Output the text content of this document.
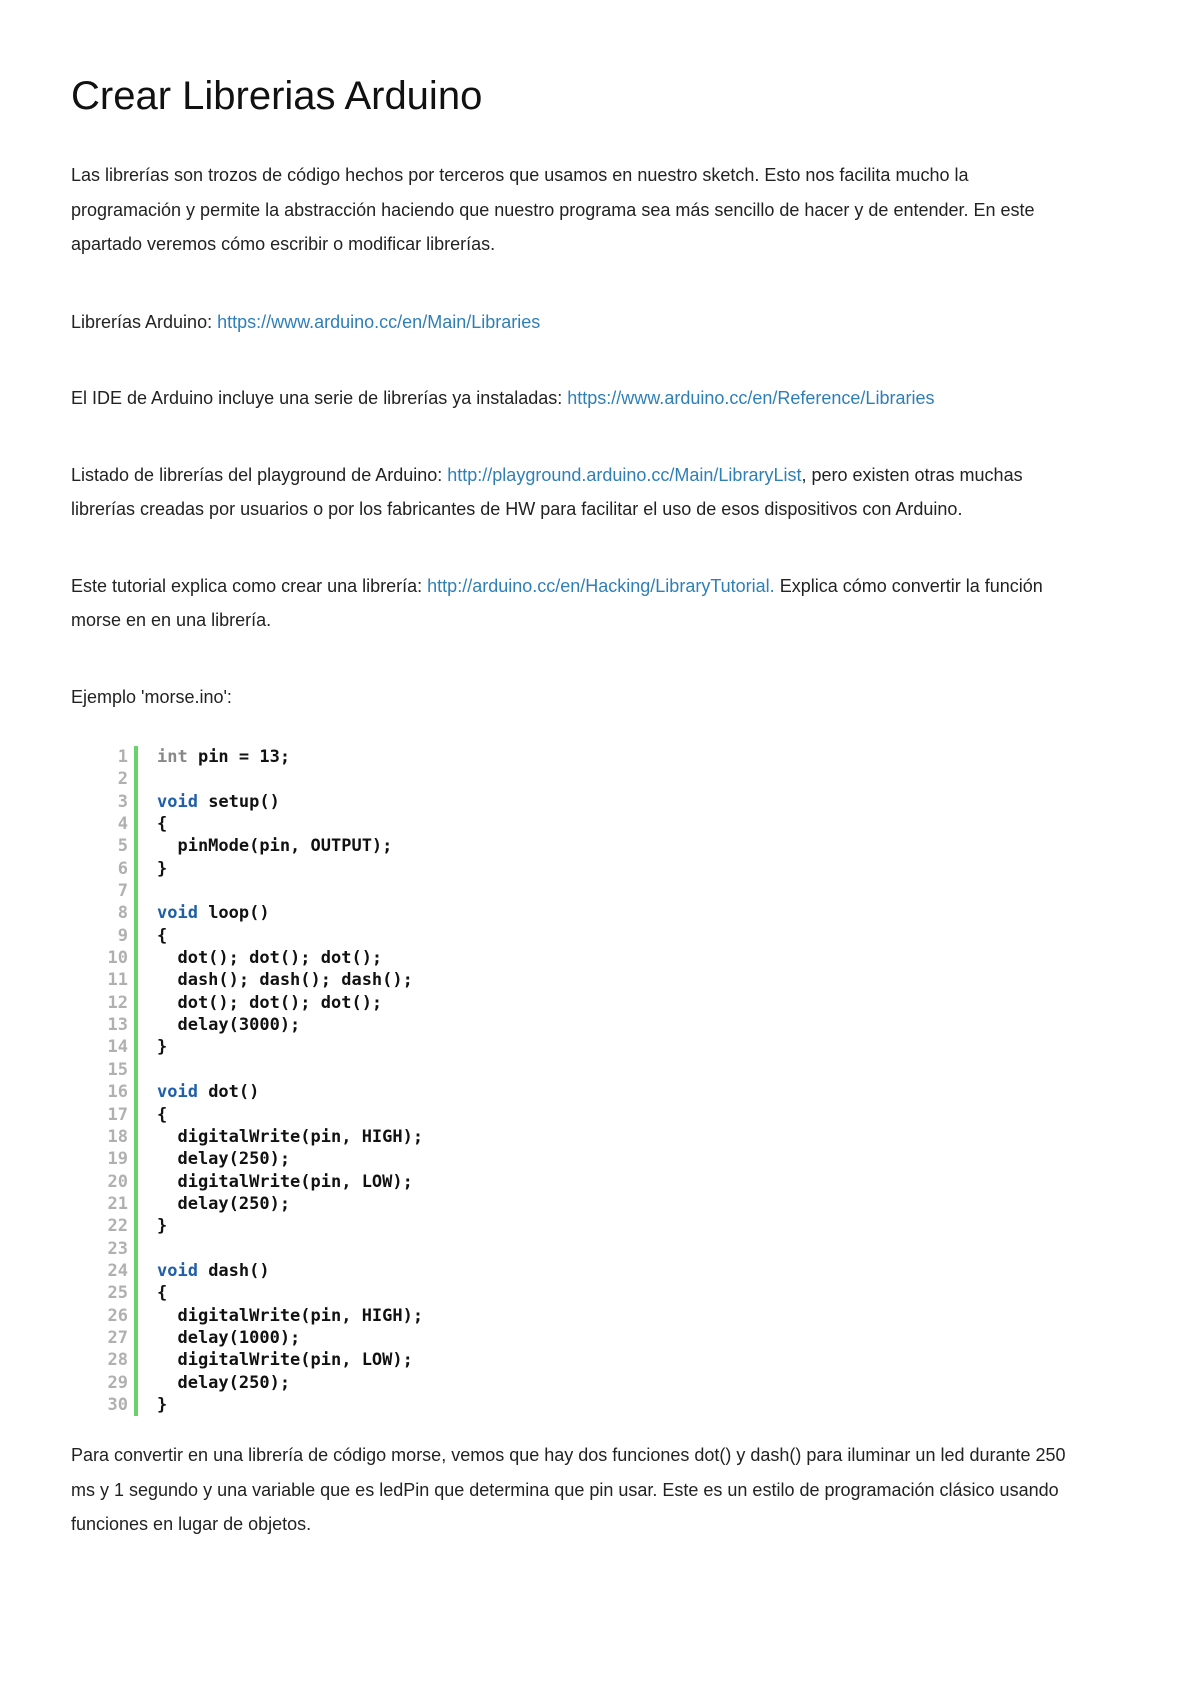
Crear Librerias Arduino

Las librerías son trozos de código hechos por terceros que usamos en nuestro sketch. Esto nos facilita mucho la programación y permite la abstracción haciendo que nuestro programa sea más sencillo de hacer y de entender. En este apartado veremos cómo escribir o modificar librerías.

Librerías Arduino: https://www.arduino.cc/en/Main/Libraries

El IDE de Arduino incluye una serie de librerías ya instaladas: https://www.arduino.cc/en/Reference/Libraries

Listado de librerías del playground de Arduino: http://playground.arduino.cc/Main/LibraryList, pero existen otras muchas librerías creadas por usuarios o por los fabricantes de HW para facilitar el uso de esos dispositivos con Arduino.

Este tutorial explica como crear una librería: http://arduino.cc/en/Hacking/LibraryTutorial. Explica cómo convertir la función morse en en una librería.

Ejemplo 'morse.ino':

1
2
3
4
5
6
7
8
9
10
11
12
13
14
15
16
17
18
19
20
21
22
23
24
25
26
27
28
29
30
int pin = 13;
void setup()
{
pinMode(pin, OUTPUT);
}
void loop()
{
dot(); dot(); dot();
dash(); dash(); dash();
dot(); dot(); dot();
delay(3000);
}
void dot()
{
digitalWrite(pin, HIGH);
delay(250);
digitalWrite(pin, LOW);
delay(250);
}
void dash()
{
digitalWrite(pin, HIGH);
delay(1000);
digitalWrite(pin, LOW);
delay(250);
}

Para convertir en una librería de código morse, vemos que hay dos funciones dot() y dash() para iluminar un led durante 250 ms y 1 segundo y una variable que es ledPin que determina que pin usar. Este es un estilo de programación clásico usando funciones en lugar de objetos.
